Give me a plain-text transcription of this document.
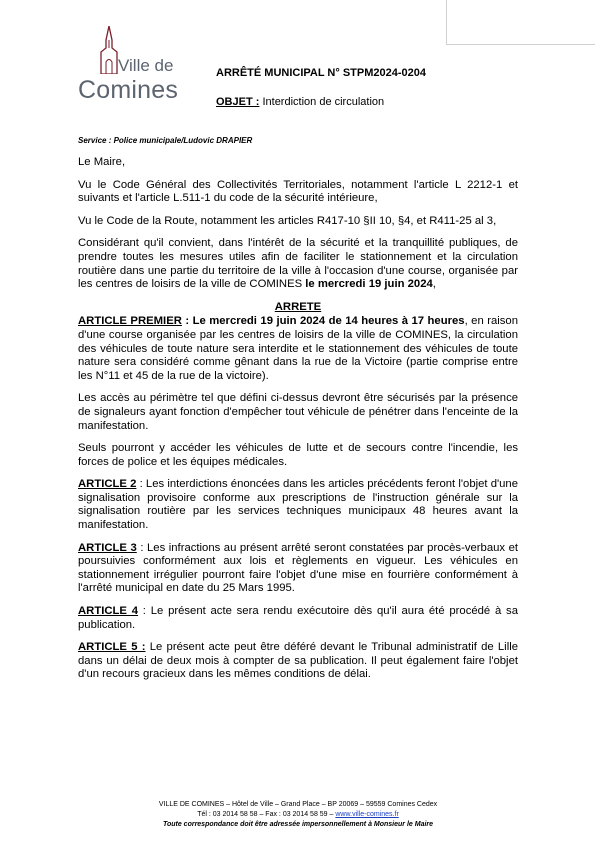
Ville de
Comines
ARRÊTÉ MUNICIPAL N° STPM2024-0204
OBJET : Interdiction de circulation
Service : Police municipale/Ludovic DRAPIER

Le Maire,

Vu le Code Général des Collectivités Territoriales, notamment l'article L 2212-1 et suivants et l'article L.511-1 du code de la sécurité intérieure,

Vu le Code de la Route, notamment les articles R417-10 §II 10, §4, et R411-25 al 3,

Considérant qu'il convient, dans l'intérêt de la sécurité et la tranquillité publiques, de prendre toutes les mesures utiles afin de faciliter le stationnement et la circulation routière dans une partie du territoire de la ville à l'occasion d'une course, organisée par les centres de loisirs de la ville de COMINES le mercredi 19 juin 2024,

ARRETE

ARTICLE PREMIER : Le mercredi 19 juin 2024 de 14 heures à 17 heures, en raison d'une course organisée par les centres de loisirs de la ville de COMINES, la circulation des véhicules de toute nature sera interdite et le stationnement des véhicules de toute nature sera considéré comme gênant dans la rue de la Victoire (partie comprise entre les N°11 et 45 de la rue de la victoire).

Les accès au périmètre tel que défini ci-dessus devront être sécurisés par la présence de signaleurs ayant fonction d'empêcher tout véhicule de pénétrer dans l'enceinte de la manifestation.

Seuls pourront y accéder les véhicules de lutte et de secours contre l'incendie, les forces de police et les équipes médicales.

ARTICLE 2 : Les interdictions énoncées dans les articles précédents feront l'objet d'une signalisation provisoire conforme aux prescriptions de l'instruction générale sur la signalisation routière par les services techniques municipaux 48 heures avant la manifestation.

ARTICLE 3 : Les infractions au présent arrêté seront constatées par procès-verbaux et poursuivies conformément aux lois et règlements en vigueur. Les véhicules en stationnement irrégulier pourront faire l'objet d'une mise en fourrière conformément à l'arrêté municipal en date du 25 Mars 1995.

ARTICLE 4 : Le présent acte sera rendu exécutoire dès qu'il aura été procédé à sa publication.

ARTICLE 5 : Le présent acte peut être déféré devant le Tribunal administratif de Lille dans un délai de deux mois à compter de sa publication. Il peut également faire l'objet d'un recours gracieux dans les mêmes conditions de délai.

VILLE DE COMINES – Hôtel de Ville – Grand Place – BP 20069 – 59559 Comines Cedex
Tél : 03 2014 58 58 – Fax : 03 2014 58 59 – www.ville-comines.fr
Toute correspondance doit être adressée impersonnellement à Monsieur le Maire
